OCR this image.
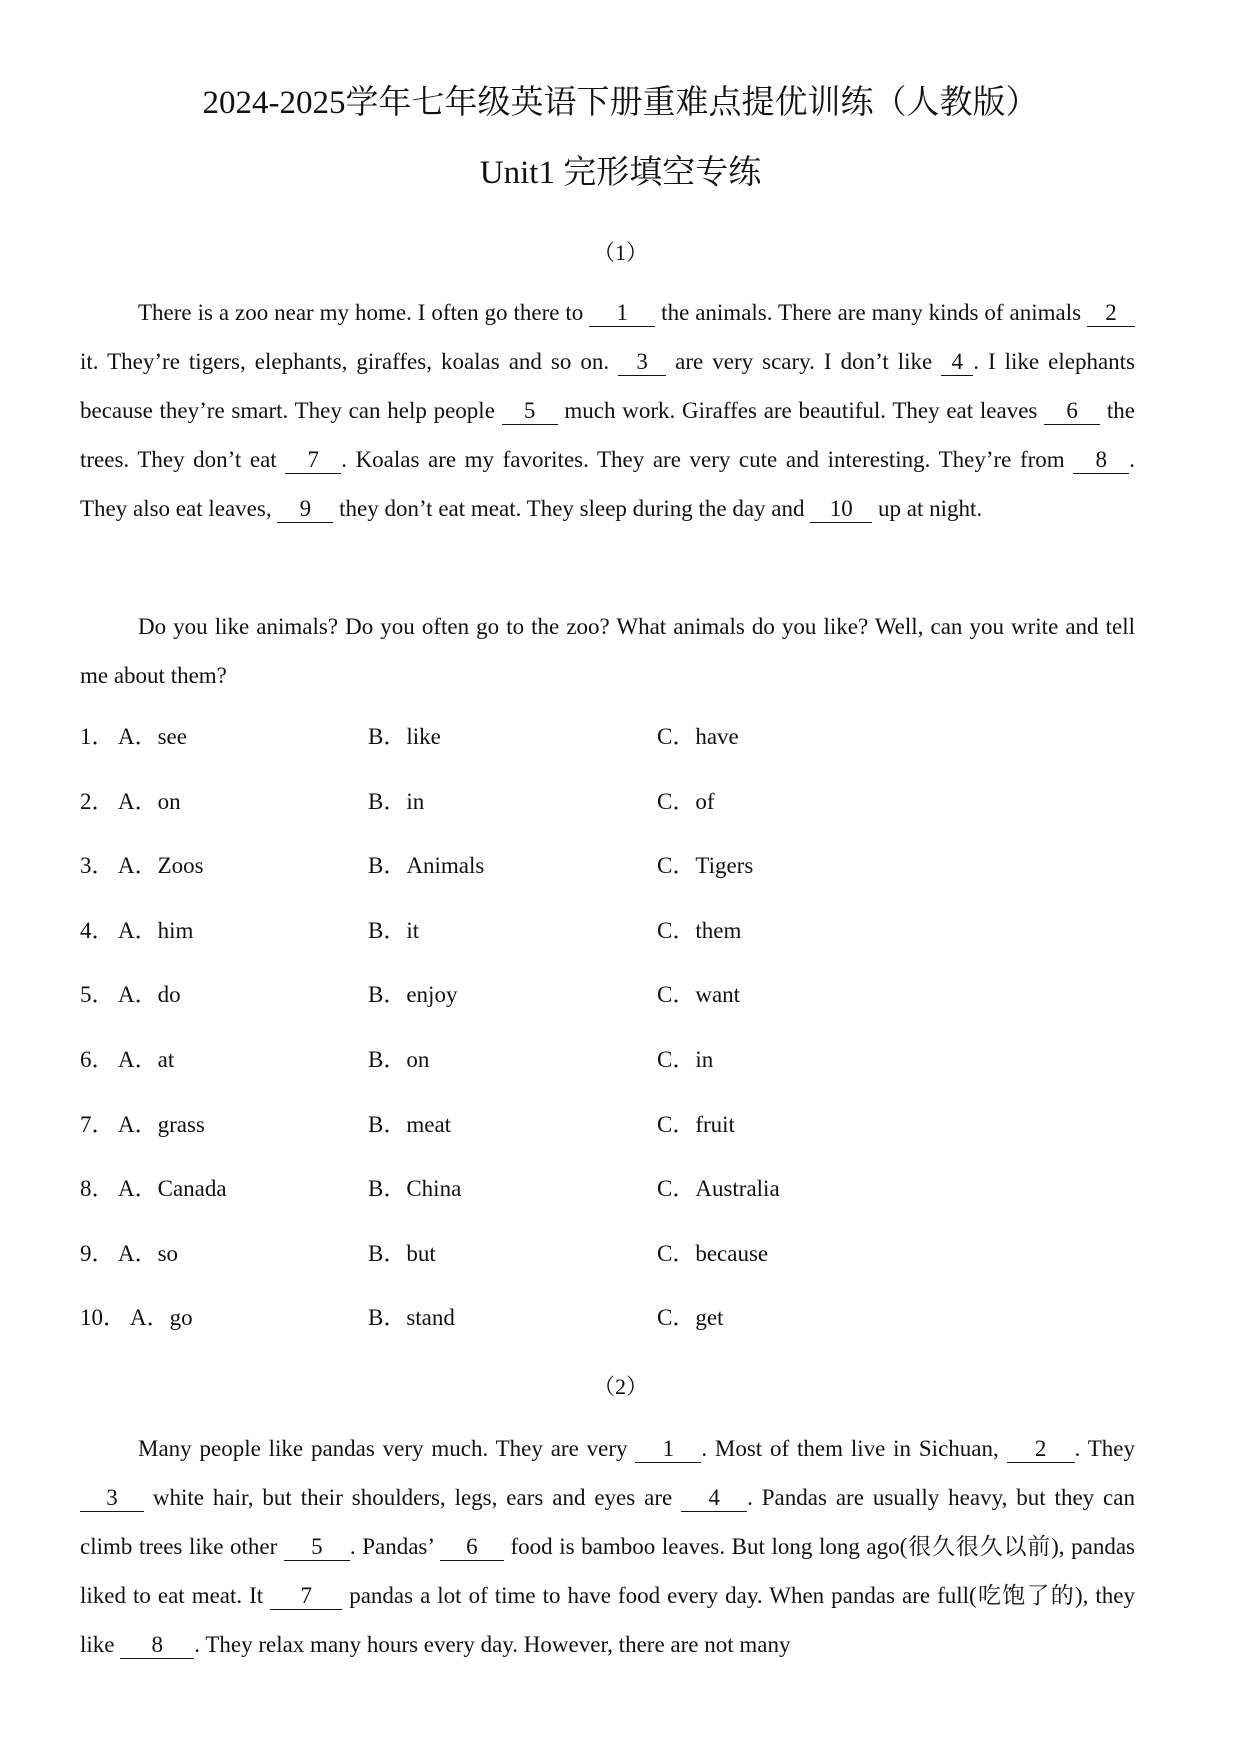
2024-2025学年七年级英语下册重难点提优训练（人教版）
Unit1 完形填空专练
（1）

There is a zoo near my home. I often go there to 1 the animals. There are many kinds of animals 2 it. They’re tigers, elephants, giraffes, koalas and so on. 3 are very scary. I don’t like 4 . I like elephants because they’re smart. They can help people 5 much work. Giraffes are beautiful. They eat leaves 6 the trees. They don’t eat 7 . Koalas are my favorites. They are very cute and interesting. They’re from 8 . They also eat leaves, 9 they don’t eat meat. They sleep during the day and 10 up at night.

Do you like animals? Do you often go to the zoo? What animals do you like? Well, can you write and tell me about them?

1． A．see	B．like	C．have
2． A．on	B．in	C．of
3． A．Zoos	B．Animals	C．Tigers
4． A．him	B．it	C．them
5． A．do	B．enjoy	C．want
6． A．at	B．on	C．in
7． A．grass	B．meat	C．fruit
8． A．Canada	B．China	C．Australia
9． A．so	B．but	C．because
10． A．go	B．stand	C．get
（2）

Many people like pandas very much. They are very 1 . Most of them live in Sichuan, 2 . They 3 white hair, but their shoulders, legs, ears and eyes are 4 . Pandas are usually heavy, but they can climb trees like other 5 . Pandas’ 6 food is bamboo leaves. But long long ago(很久很久以前), pandas liked to eat meat. It 7 pandas a lot of time to have food every day. When pandas are full(吃饱了的), they like 8 . They relax many hours every day. However, there are not many
